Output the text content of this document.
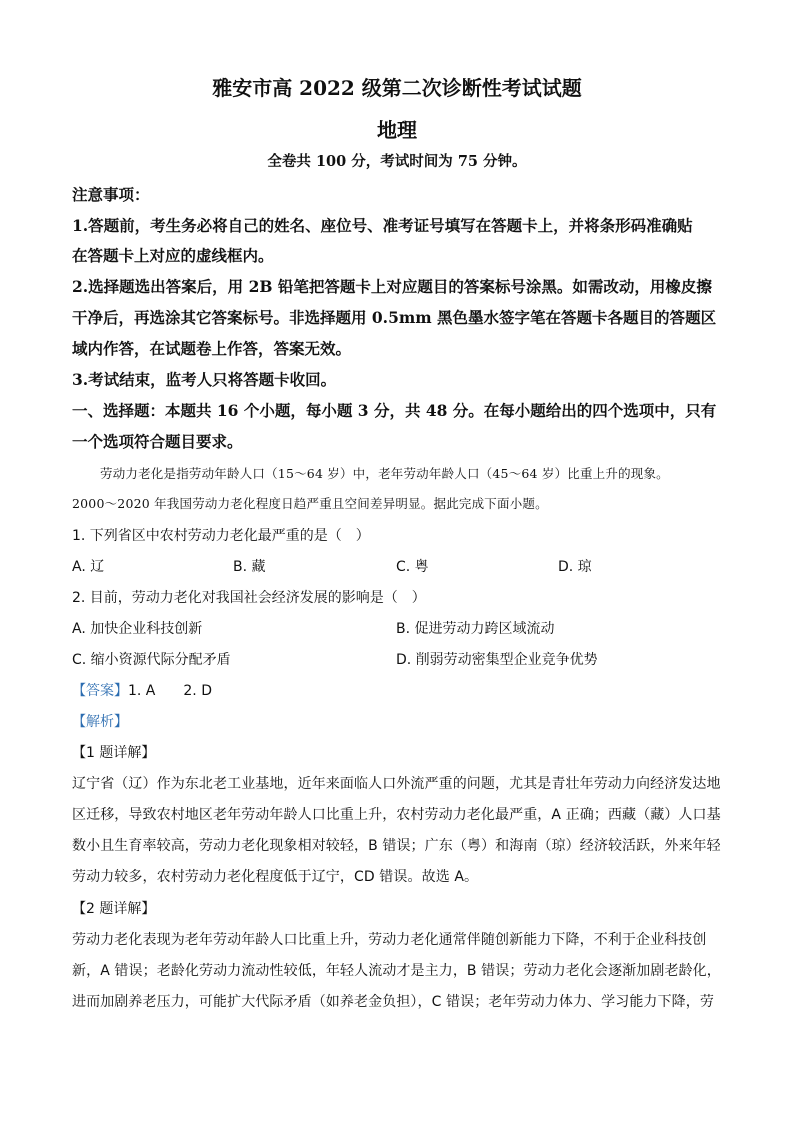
雅安市高 2022 级第二次诊断性考试试题
地理
全卷共 100 分，考试时间为 75 分钟。
注意事项：
1.答题前，考生务必将自己的姓名、座位号、准考证号填写在答题卡上，并将条形码准确贴
在答题卡上对应的虚线框内。
2.选择题选出答案后，用 2B 铅笔把答题卡上对应题目的答案标号涂黑。如需改动，用橡皮擦
干净后，再选涂其它答案标号。非选择题用 0.5mm 黑色墨水签字笔在答题卡各题目的答题区
域内作答，在试题卷上作答，答案无效。
3.考试结束，监考人只将答题卡收回。
一、选择题：本题共 16 个小题，每小题 3 分，共 48 分。在每小题给出的四个选项中，只有
一个选项符合题目要求。
劳动力老化是指劳动年龄人口（15～64 岁）中，老年劳动年龄人口（45～64 岁）比重上升的现象。
2000～2020 年我国劳动力老化程度日趋严重且空间差异明显。据此完成下面小题。
1. 下列省区中农村劳动力老化最严重的是（　）
A. 辽	B. 藏	C. 粤	D. 琼
2. 目前，劳动力老化对我国社会经济发展的影响是（　）
A. 加快企业科技创新	B. 促进劳动力跨区域流动
C. 缩小资源代际分配矛盾	D. 削弱劳动密集型企业竞争优势
【答案】1. A　　2. D
【解析】
【1 题详解】
辽宁省（辽）作为东北老工业基地，近年来面临人口外流严重的问题，尤其是青壮年劳动力向经济发达地
区迁移，导致农村地区老年劳动年龄人口比重上升，农村劳动力老化最严重，A 正确；西藏（藏）人口基
数小且生育率较高，劳动力老化现象相对较轻，B 错误；广东（粤）和海南（琼）经济较活跃，外来年轻
劳动力较多，农村劳动力老化程度低于辽宁，CD 错误。故选 A。
【2 题详解】
劳动力老化表现为老年劳动年龄人口比重上升，劳动力老化通常伴随创新能力下降，不利于企业科技创
新，A 错误；老龄化劳动力流动性较低，年轻人流动才是主力，B 错误；劳动力老化会逐渐加剧老龄化，
进而加剧养老压力，可能扩大代际矛盾（如养老金负担），C 错误；老年劳动力体力、学习能力下降，劳
